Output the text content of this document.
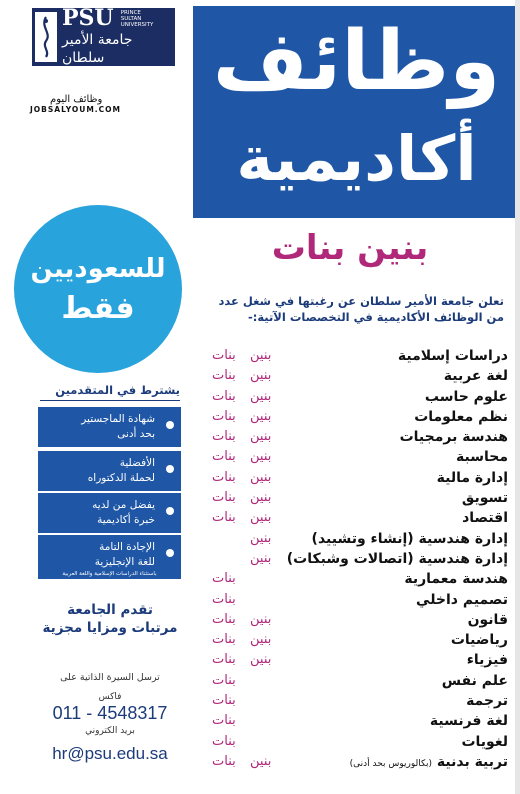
PSU PRINCE
SULTAN
UNIVERSITY
جامعة الأمير سلطان
وظائف اليوم
JOBSALYOUM.COM
وظائف
أكاديمية
بنين بنات
للسعوديين
فقط	تعلن جامعة الأمير سلطان عن رغبتها في شغل عدد من الوظائف الأكاديمية في التخصصات الآتية:-
دراسات إسلامية
بنين
بنات
لغة عربية
بنين
بنات
علوم حاسب
بنين
بنات
نظم معلومات
بنين
بنات
هندسة برمجيات
بنين
بنات
محاسبة
بنين
بنات
إدارة مالية
بنين
بنات
تسويق
بنين
بنات
اقتصاد
بنين
بنات
إدارة هندسية (إنشاء وتشييد)
بنين
إدارة هندسية (اتصالات وشبكات)
بنين
هندسة معمارية
بنات
تصميم داخلي
بنات
قانون
بنين
بنات
رياضيات
بنين
بنات
فيزياء
بنين
بنات
علم نفس
بنات
ترجمة
بنات
لغة فرنسية
بنات
لغويات
بنات
تربية بدنية (بكالوريوس بحد أدنى)
بنين
بنات
يشترط في المتقدمين
شهادة الماجستير
بحد أدنى
الأفضلية
لحملة الدكتوراه
يفضل من لديه
خبرة أكاديمية
الإجادة التامة
للغة الإنجليزية
باستثناء الدراسات الإسلامية واللغة العربية
تقدم الجامعة
مرتبات ومزايا مجزية
ترسل السيرة الذاتية على
فاكس
011 - 4548317
بريد الكتروني
hr@psu.edu.sa
